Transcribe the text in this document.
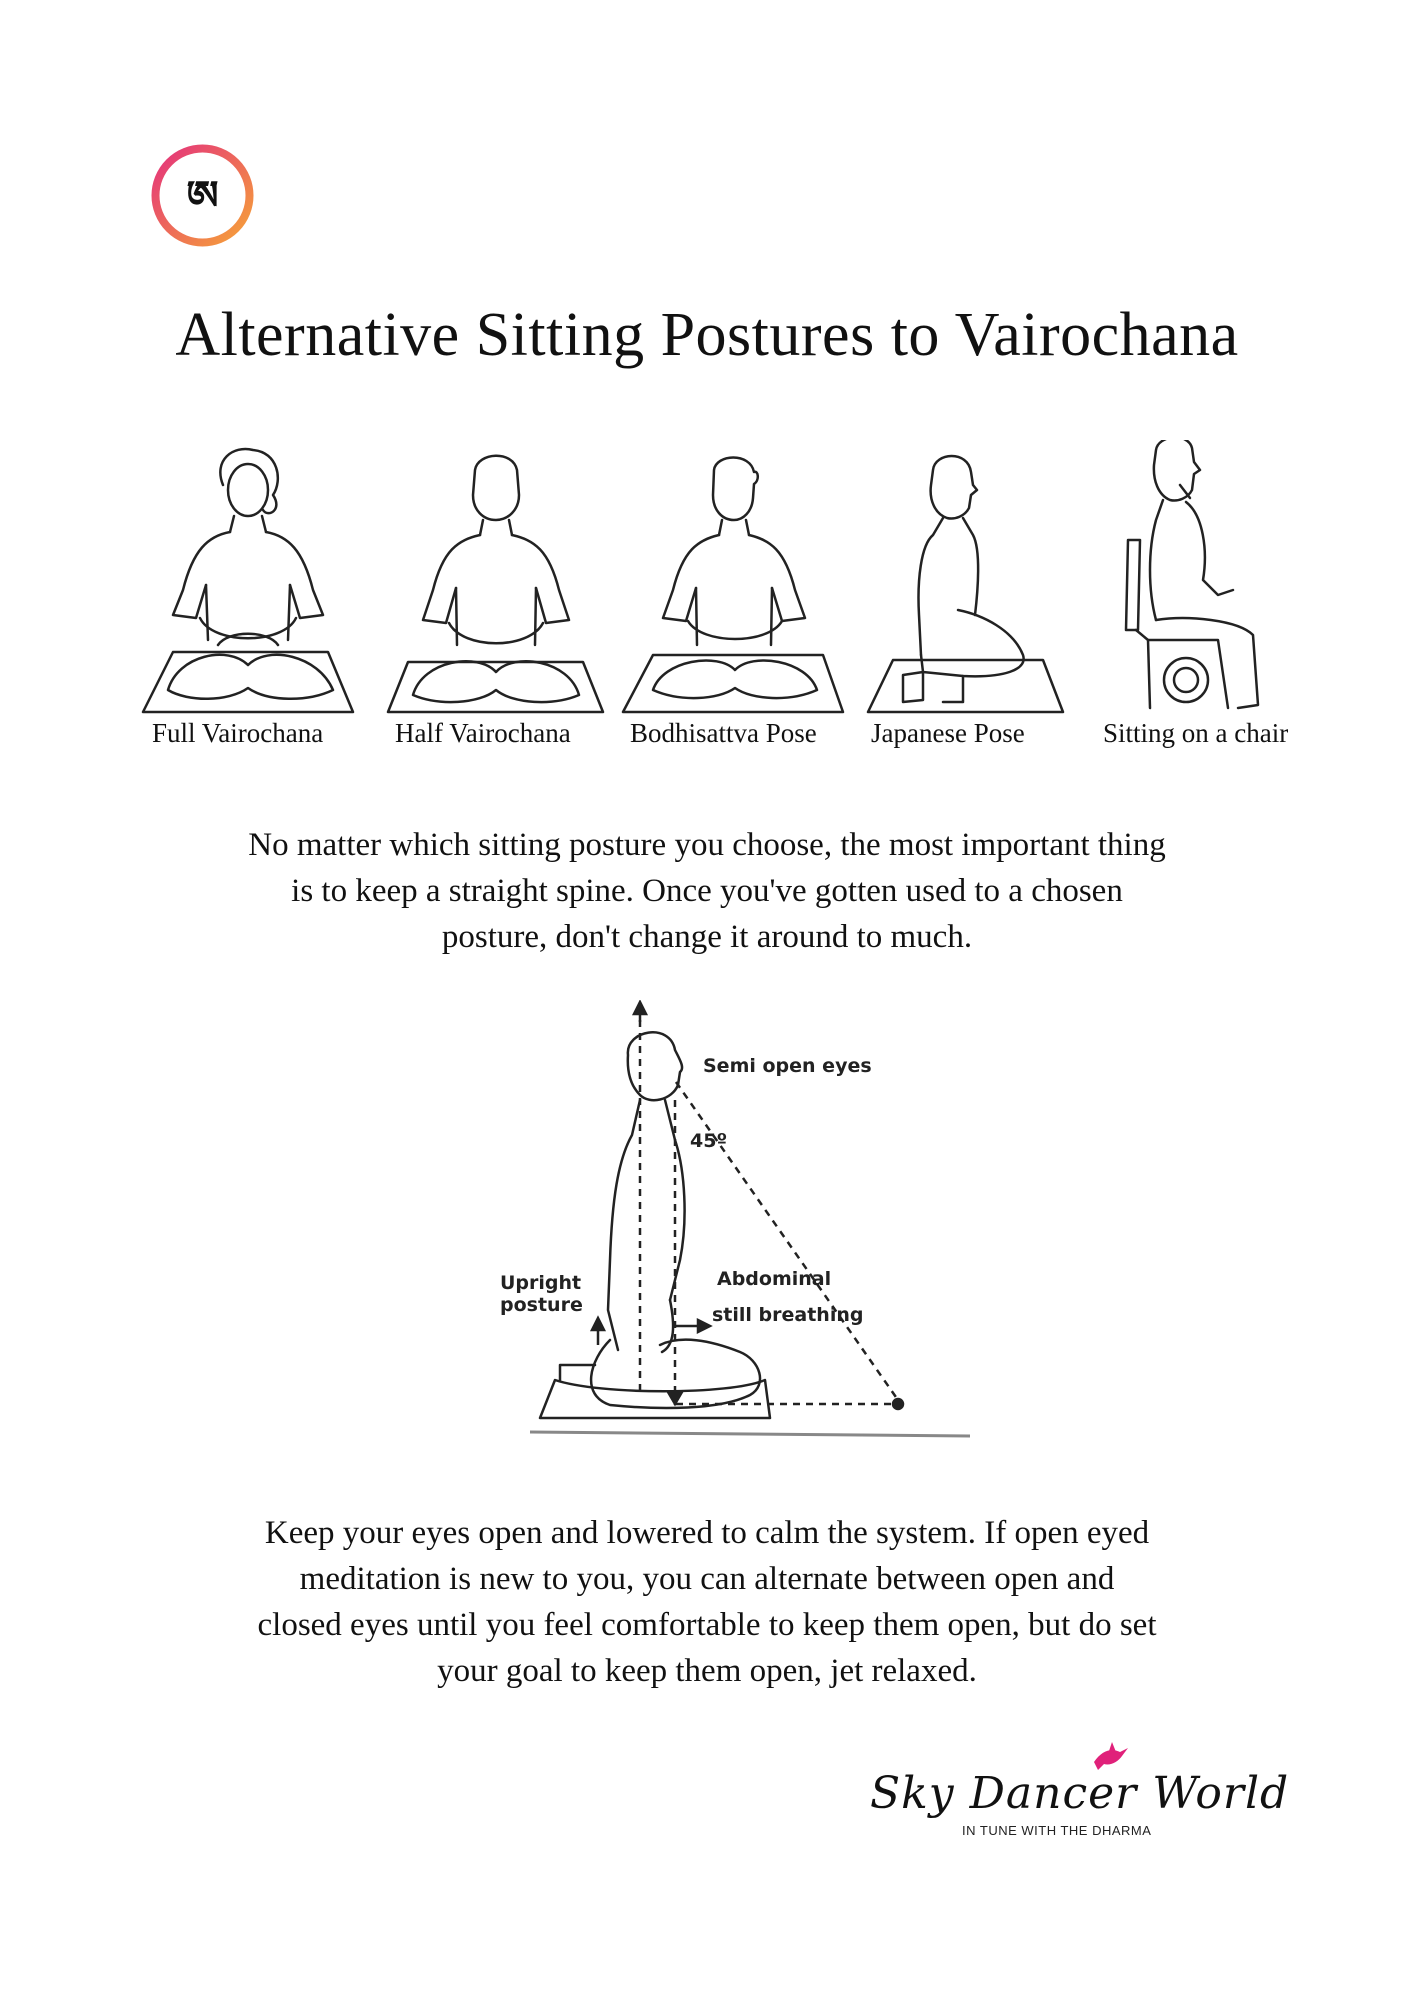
ཨ
Alternative Sitting Postures to Vairochana
Full Vairochana	Half Vairochana Bodhisattva Pose Japanese Pose	Sitting on a chair

No matter which sitting posture you choose, the most important thing
is to keep a straight spine. Once you've gotten used to a chosen
posture, don't change it around to much.

Semi open eyes
45º
Upright
posture
Abdominal
still breathing

Keep your eyes open and lowered to calm the system. If open eyed
meditation is new to you, you can alternate between open and
closed eyes until you feel comfortable to keep them open, but do set
your goal to keep them open, jet relaxed.

Sky Dancer World
IN TUNE WITH THE DHARMA
